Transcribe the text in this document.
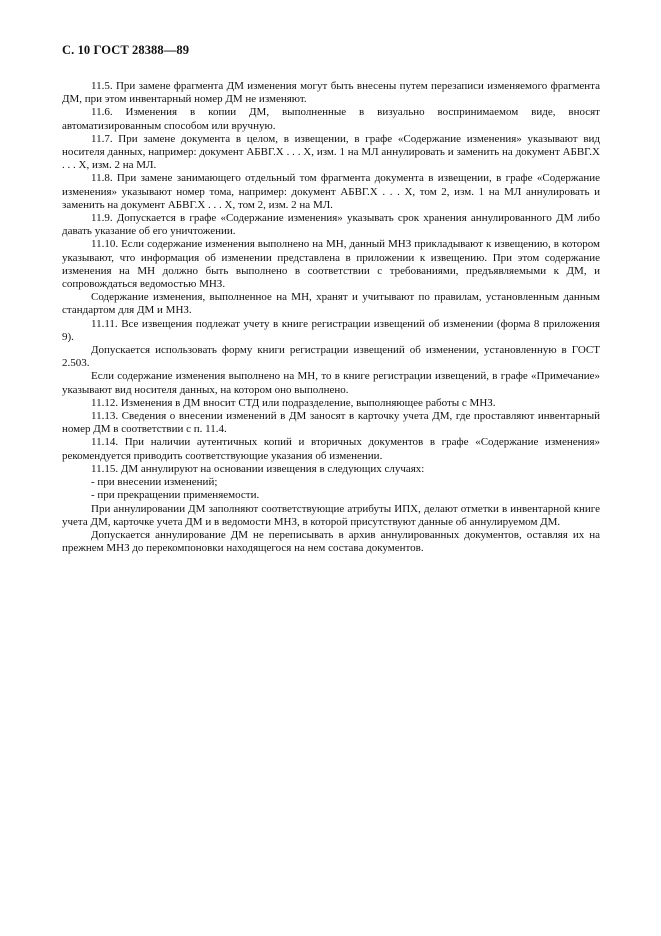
С. 10 ГОСТ 28388—89

11.5. При замене фрагмента ДМ изменения могут быть внесены путем перезаписи изменяемого фрагмента ДМ, при этом инвентарный номер ДМ не изменяют.

11.6. Изменения в копии ДМ, выполненные в визуально воспринимаемом виде, вносят автоматизированным способом или вручную.

11.7. При замене документа в целом, в извещении, в графе «Содержание изменения» указывают вид носителя данных, например: документ АБВГ.Х . . . Х, изм. 1 на МЛ аннулировать и заменить на документ АБВГ.Х . . . Х, изм. 2 на МЛ.

11.8. При замене занимающего отдельный том фрагмента документа в извещении, в графе «Содержание изменения» указывают номер тома, например: документ АБВГ.Х . . . Х, том 2, изм. 1 на МЛ аннулировать и заменить на документ АБВГ.Х . . . Х, том 2, изм. 2 на МЛ.

11.9. Допускается в графе «Содержание изменения» указывать срок хранения аннулированного ДМ либо давать указание об его уничтожении.

11.10. Если содержание изменения выполнено на МН, данный МНЗ прикладывают к извещению, в котором указывают, что информация об изменении представлена в приложении к извещению. При этом содержание изменения на МН должно быть выполнено в соответствии с требованиями, предъявляемыми к ДМ, и сопровождаться ведомостью МНЗ.

Содержание изменения, выполненное на МН, хранят и учитывают по правилам, установленным данным стандартом для ДМ и МНЗ.

11.11. Все извещения подлежат учету в книге регистрации извещений об изменении (форма 8 приложения 9).

Допускается использовать форму книги регистрации извещений об изменении, установленную в ГОСТ 2.503.

Если содержание изменения выполнено на МН, то в книге регистрации извещений, в графе «Примечание» указывают вид носителя данных, на котором оно выполнено.

11.12. Изменения в ДМ вносит СТД или подразделение, выполняющее работы с МНЗ.

11.13. Сведения о внесении изменений в ДМ заносят в карточку учета ДМ, где проставляют инвентарный номер ДМ в соответствии с п. 11.4.

11.14. При наличии аутентичных копий и вторичных документов в графе «Содержание изменения» рекомендуется приводить соответствующие указания об изменении.

11.15. ДМ аннулируют на основании извещения в следующих случаях:

- при внесении изменений;

- при прекращении применяемости.

При аннулировании ДМ заполняют соответствующие атрибуты ИПХ, делают отметки в инвентарной книге учета ДМ, карточке учета ДМ и в ведомости МНЗ, в которой присутствуют данные об аннулируемом ДМ.

Допускается аннулирование ДМ не переписывать в архив аннулированных документов, оставляя их на прежнем МНЗ до перекомпоновки находящегося на нем состава документов.
